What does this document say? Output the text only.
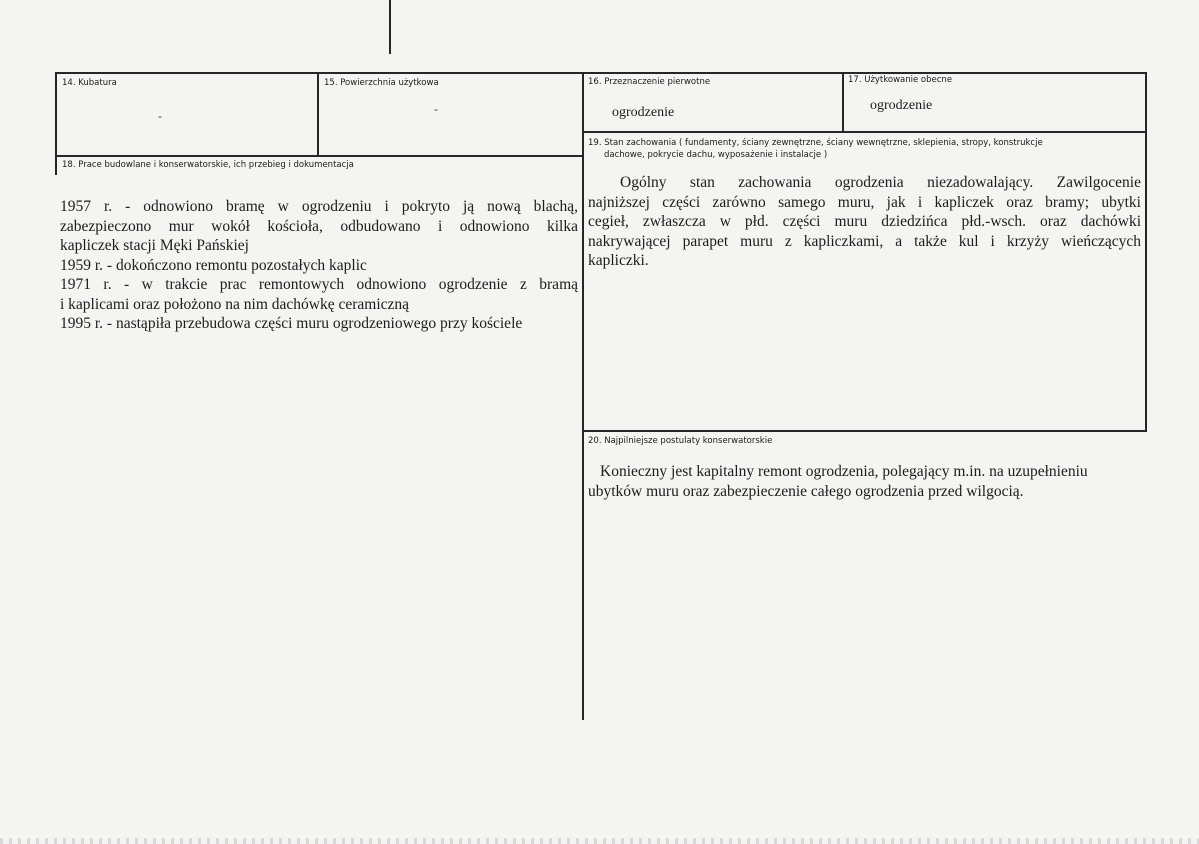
14. Kubatura
-
15. Powierzchnia użytkowa
-
16. Przeznaczenie pierwotne
ogrodzenie
17. Użytkowanie obecne
ogrodzenie
18. Prace budowlane i konserwatorskie, ich przebieg i dokumentacja
1957 r. - odnowiono bramę w ogrodzeniu i pokryto ją nową blachą,
zabezpieczono mur wokół kościoła, odbudowano i odnowiono kilka
kapliczek stacji Męki Pańskiej
1959 r. - dokończono remontu pozostałych kaplic
1971 r. - w trakcie prac remontowych odnowiono ogrodzenie z bramą
i kaplicami oraz położono na nim dachówkę ceramiczną
1995 r. - nastąpiła przebudowa części muru ogrodzeniowego przy kościele
19. Stan zachowania ( fundamenty, ściany zewnętrzne, ściany wewnętrzne, sklepienia, stropy, konstrukcje
dachowe, pokrycie dachu, wyposażenie i instalacje )
Ogólny stan zachowania ogrodzenia niezadowalający. Zawilgocenie
najniższej części zarówno samego muru, jak i kapliczek oraz bramy; ubytki
cegieł, zwłaszcza w płd. części muru dziedzińca płd.-wsch. oraz dachówki
nakrywającej parapet muru z kapliczkami, a także kul i krzyży wieńczących
kapliczki.
20. Najpilniejsze postulaty konserwatorskie
Konieczny jest kapitalny remont ogrodzenia, polegający m.in. na uzupełnieniu
ubytków muru oraz zabezpieczenie całego ogrodzenia przed wilgocią.
